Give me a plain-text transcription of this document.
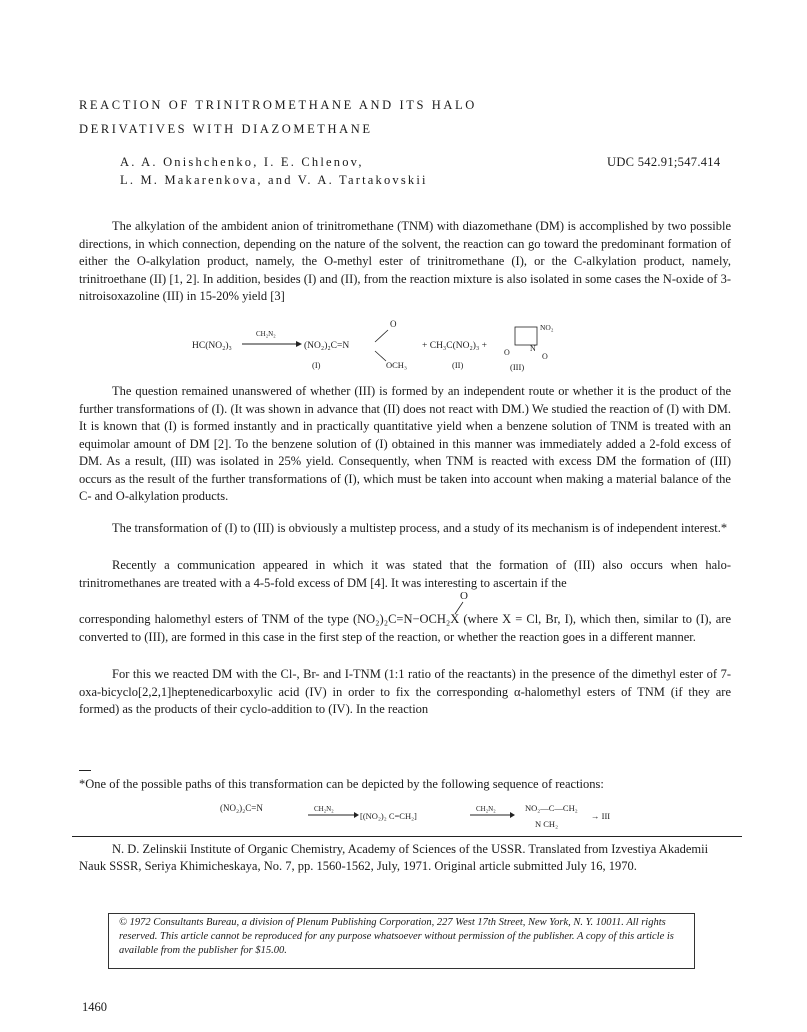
REACTION OF TRINITROMETHANE AND ITS HALO
DERIVATIVES WITH DIAZOMETHANE
A. A. Onishchenko, I. E. Chlenov,
L. M. Makarenkova, and V. A. Tartakovskii
UDC 542.91;547.414

The alkylation of the ambident anion of trinitromethane (TNM) with diazomethane (DM) is accomplished by two possible directions, in which connection, depending on the nature of the solvent, the reaction can go toward the predominant formation of either the O-alkylation product, namely, the O-methyl ester of trinitromethane (I), or the C-alkylation product, namely, trinitroethane (II) [1, 2]. In addition, besides (I) and (II), from the reaction mixture is also isolated in some cases the N-oxide of 3-nitroisoxazoline (III) in 15-20% yield [3]

HC(NO₂)₃
CH₂N₂
(NO₂)₂C=N
O
OCH₃
(I)
+ CH₃C(NO₂)₃ +
(II)
NO₂
O	N
O
(III)

The question remained unanswered of whether (III) is formed by an independent route or whether it is the product of the further transformations of (I). (It was shown in advance that (II) does not react with DM.) We studied the reaction of (I) with DM. It is known that (I) is formed instantly and in practically quantitative yield when a benzene solution of TNM is treated with an equimolar amount of DM [2]. To the benzene solution of (I) obtained in this manner was immediately added a 2-fold excess of DM. As a result, (III) was isolated in 25% yield. Consequently, when TNM is reacted with excess DM the formation of (III) occurs as the result of the further transformations of (I), which must be taken into account when making a material balance of the C- and O-alkylation products.

The transformation of (I) to (III) is obviously a multistep process, and a study of its mechanism is of independent interest.*

Recently a communication appeared in which it was stated that the formation of (III) also occurs when halo-trinitromethanes are treated with a 4-5-fold excess of DM [4]. It was interesting to ascertain if the

O

corresponding halomethyl esters of TNM of the type (NO₂)₂C=N−OCH₂X (where X = Cl, Br, I), which then, similar to (I), are converted to (III), are formed in this case in the first step of the reaction, or whether the reaction goes in a different manner.

For this we reacted DM with the Cl-, Br- and I-TNM (1:1 ratio of the reactants) in the presence of the dimethyl ester of 7-oxa-bicyclo[2,2,1]heptenedicarboxylic acid (IV) in order to fix the corresponding α-halomethyl esters of TNM (if they are formed) as the products of their cyclo-addition to (IV). In the reaction

*One of the possible paths of this transformation can be depicted by the following sequence of reactions:
(NO₂)₂C=N	CH₂N₂
[(NO₂)₂ C=CH₂]
CH₂N₂	NO₂—C—CH₂
N CH₂
→ III

N. D. Zelinskii Institute of Organic Chemistry, Academy of Sciences of the USSR. Translated from Izvestiya Akademii Nauk SSSR, Seriya Khimicheskaya, No. 7, pp. 1560-1562, July, 1971. Original article submitted July 16, 1970.

© 1972 Consultants Bureau, a division of Plenum Publishing Corporation, 227 West 17th Street, New York, N. Y. 10011. All rights reserved. This article cannot be reproduced for any purpose whatsoever without permission of the publisher. A copy of this article is available from the publisher for $15.00.
1460
